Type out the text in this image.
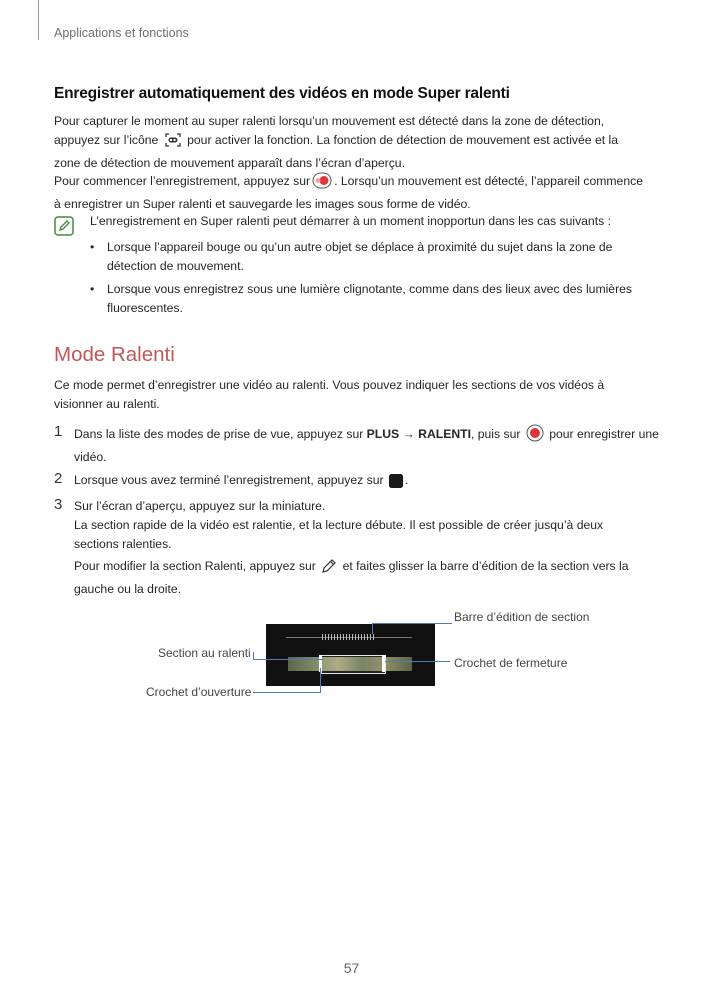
Applications et fonctions
Enregistrer automatiquement des vidéos en mode Super ralenti
Pour capturer le moment au super ralenti lorsqu’un mouvement est détecté dans la zone de détection,
appuyez sur l’icône pour activer la fonction. La fonction de détection de mouvement est activée et la
zone de détection de mouvement apparaît dans l’écran d’aperçu.
Pour commencer l’enregistrement, appuyez sur . Lorsqu’un mouvement est détecté, l’appareil commence
à enregistrer un Super ralenti et sauvegarde les images sous forme de vidéo.
L’enregistrement en Super ralenti peut démarrer à un moment inopportun dans les cas suivants :
• Lorsque l’appareil bouge ou qu’un autre objet se déplace à proximité du sujet dans la zone de
détection de mouvement.
• Lorsque vous enregistrez sous une lumière clignotante, comme dans des lieux avec des lumières
fluorescentes.
Mode Ralenti
Ce mode permet d’enregistrer une vidéo au ralenti. Vous pouvez indiquer les sections de vos vidéos à
visionner au ralenti.
1 Dans la liste des modes de prise de vue, appuyez sur PLUS → RALENTI, puis sur pour enregistrer une
vidéo.
2 Lorsque vous avez terminé l’enregistrement, appuyez sur .
3 Sur l’écran d’aperçu, appuyez sur la miniature.
La section rapide de la vidéo est ralentie, et la lecture débute. Il est possible de créer jusqu’à deux
sections ralenties.
Pour modifier la section Ralenti, appuyez sur et faites glisser la barre d’édition de la section vers la
gauche ou la droite.
Barre d’édition de section
Section au ralenti
Crochet de fermeture
Crochet d’ouverture
57
